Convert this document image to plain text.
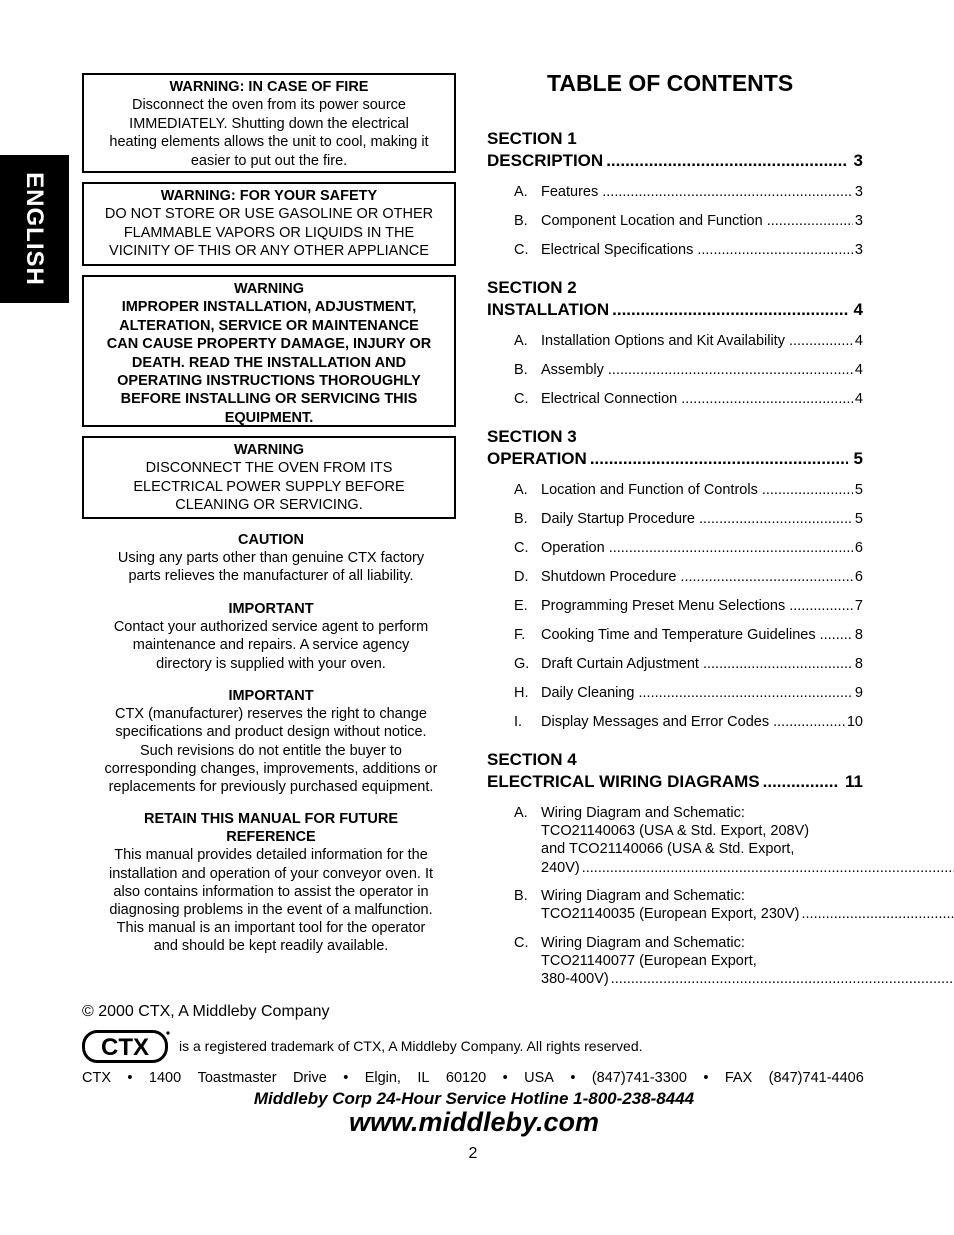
ENGLISH
WARNING: IN CASE OF FIRE
Disconnect the oven from its power source
IMMEDIATELY. Shutting down the electrical
heating elements allows the unit to cool, making it
easier to put out the fire.
WARNING: FOR YOUR SAFETY
DO NOT STORE OR USE GASOLINE OR OTHER
FLAMMABLE VAPORS OR LIQUIDS IN THE
VICINITY OF THIS OR ANY OTHER APPLIANCE
WARNING
IMPROPER INSTALLATION, ADJUSTMENT,
ALTERATION, SERVICE OR MAINTENANCE
CAN CAUSE PROPERTY DAMAGE, INJURY OR
DEATH. READ THE INSTALLATION AND
OPERATING INSTRUCTIONS THOROUGHLY
BEFORE INSTALLING OR SERVICING THIS
EQUIPMENT.
WARNING
DISCONNECT THE OVEN FROM ITS
ELECTRICAL POWER SUPPLY BEFORE
CLEANING OR SERVICING.
CAUTION
Using any parts other than genuine CTX factory
parts relieves the manufacturer of all liability.
IMPORTANT
Contact your authorized service agent to perform
maintenance and repairs. A service agency
directory is supplied with your oven.
IMPORTANT
CTX (manufacturer) reserves the right to change
specifications and product design without notice.
Such revisions do not entitle the buyer to
corresponding changes, improvements, additions or
replacements for previously purchased equipment.
RETAIN THIS MANUAL FOR FUTURE
REFERENCE
This manual provides detailed information for the
installation and operation of your conveyor oven. It
also contains information to assist the operator in
diagnosing problems in the event of a malfunction.
This manual is an important tool for the operator
and should be kept readily available.
TABLE OF CONTENTS
SECTION 1
DESCRIPTION .....	3
A. Features .....	3
B. Component Location and Function .....	3
C. Electrical Specifications .....	3
SECTION 2
INSTALLATION .....	4
A. Installation Options and Kit Availability .....	4
B. Assembly .....	4
C. Electrical Connection .....	4
SECTION 3
OPERATION .....	5
A. Location and Function of Controls .....	5
B. Daily Startup Procedure .....	5
C. Operation .....	6
D. Shutdown Procedure .....	6
E. Programming Preset Menu Selections .....	7
F.	Cooking Time and Temperature Guidelines .....	8
G. Draft Curtain Adjustment .....	8
H. Daily Cleaning .....	9
I.	Display Messages and Error Codes .....	10
SECTION 4
ELECTRICAL WIRING DIAGRAMS .....	11
A. Wiring Diagram and Schematic:
TCO21140063 (USA & Std. Export, 208V)
and TCO21140066 (USA & Std. Export,
240V)
.....
B. Wiring Diagram and Schematic:
TCO21140035 (European Export, 230V)
.....
C. Wiring Diagram and Schematic:
TCO21140077 (European Export,
380-400V)
.....
© 2000 CTX, A Middleby Company
CTX is a registered trademark of CTX, A Middleby Company. All rights reserved.
CTX • 1400 Toastmaster Drive • Elgin, IL 60120 • USA • (847)741-3300 • FAX (847)741-4406
Middleby Corp 24-Hour Service Hotline 1-800-238-8444
www.middleby.com
2
